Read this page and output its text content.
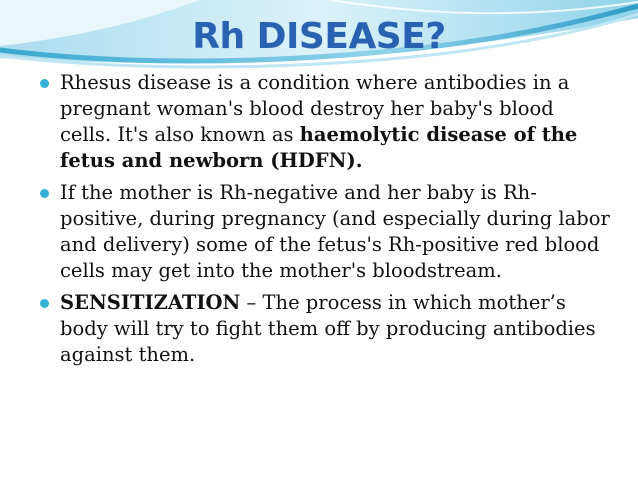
Rh DISEASE?
Rhesus disease is a condition where antibodies in a pregnant woman's blood destroy her baby's blood cells. It's also known as haemolytic disease of the fetus and newborn (HDFN).
If the mother is Rh-negative and her baby is Rh-positive, during pregnancy (and especially during labor and delivery) some of the fetus's Rh-positive red blood cells may get into the mother's bloodstream.
SENSITIZATION – The process in which mother’s body will try to fight them off by producing antibodies against them.
